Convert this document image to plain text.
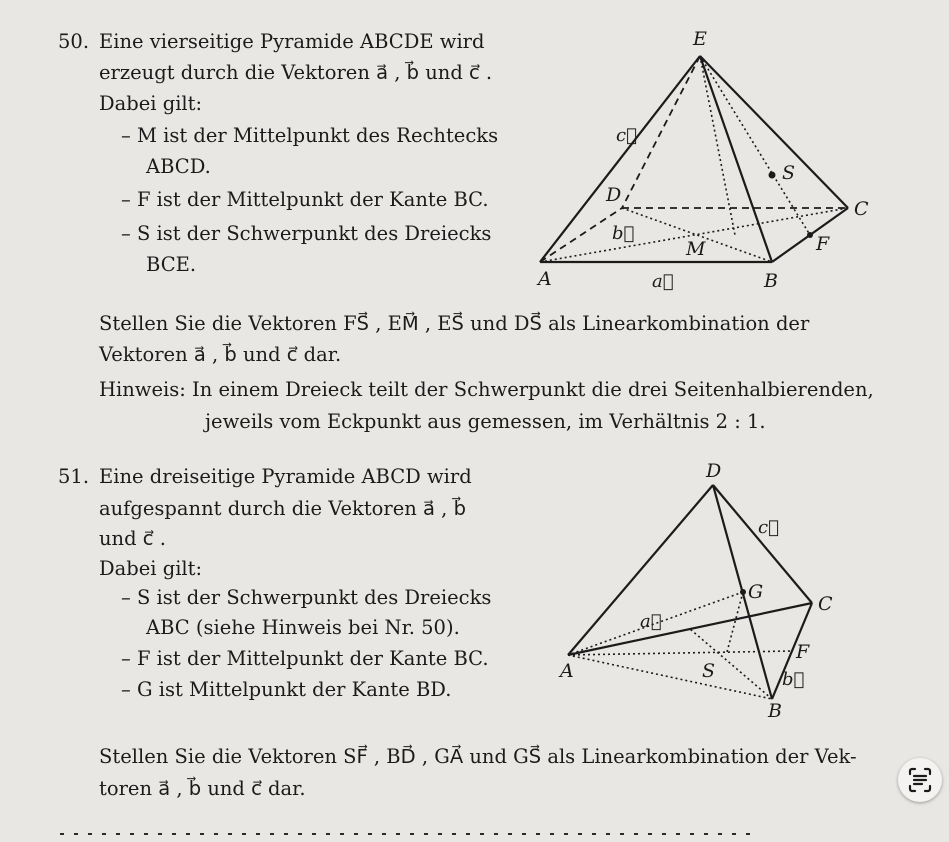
50. Eine vierseitige Pyramide ABCDE wird
erzeugt durch die Vektoren a⃗ , b⃗ und c⃗ .
Dabei gilt:
– M ist der Mittelpunkt des Rechtecks
ABCD.
– F ist der Mittelpunkt der Kante BC.
– S ist der Schwerpunkt des Dreiecks
BCE.
E
c⃗
S
D
C
b⃗	F
M
A	a⃗	B
Stellen Sie die Vektoren FS⃗ , EM⃗ , ES⃗ und DS⃗ als Linearkombination der
Vektoren a⃗ , b⃗ und c⃗ dar.
Hinweis: In einem Dreieck teilt der Schwerpunkt die drei Seitenhalbierenden,
jeweils vom Eckpunkt aus gemessen, im Verhältnis 2 : 1.
51. Eine dreiseitige Pyramide ABCD wird
aufgespannt durch die Vektoren a⃗ , b⃗
und c⃗ .
Dabei gilt:
– S ist der Schwerpunkt des Dreiecks
ABC (siehe Hinweis bei Nr. 50).
– F ist der Mittelpunkt der Kante BC.
– G ist Mittelpunkt der Kante BD.
D
c⃗
G
C
a⃗
F
A	S	b⃗
B
Stellen Sie die Vektoren SF⃗ , BD⃗ , GA⃗ und GS⃗ als Linearkombination der Vek-
toren a⃗ , b⃗ und c⃗ dar.
